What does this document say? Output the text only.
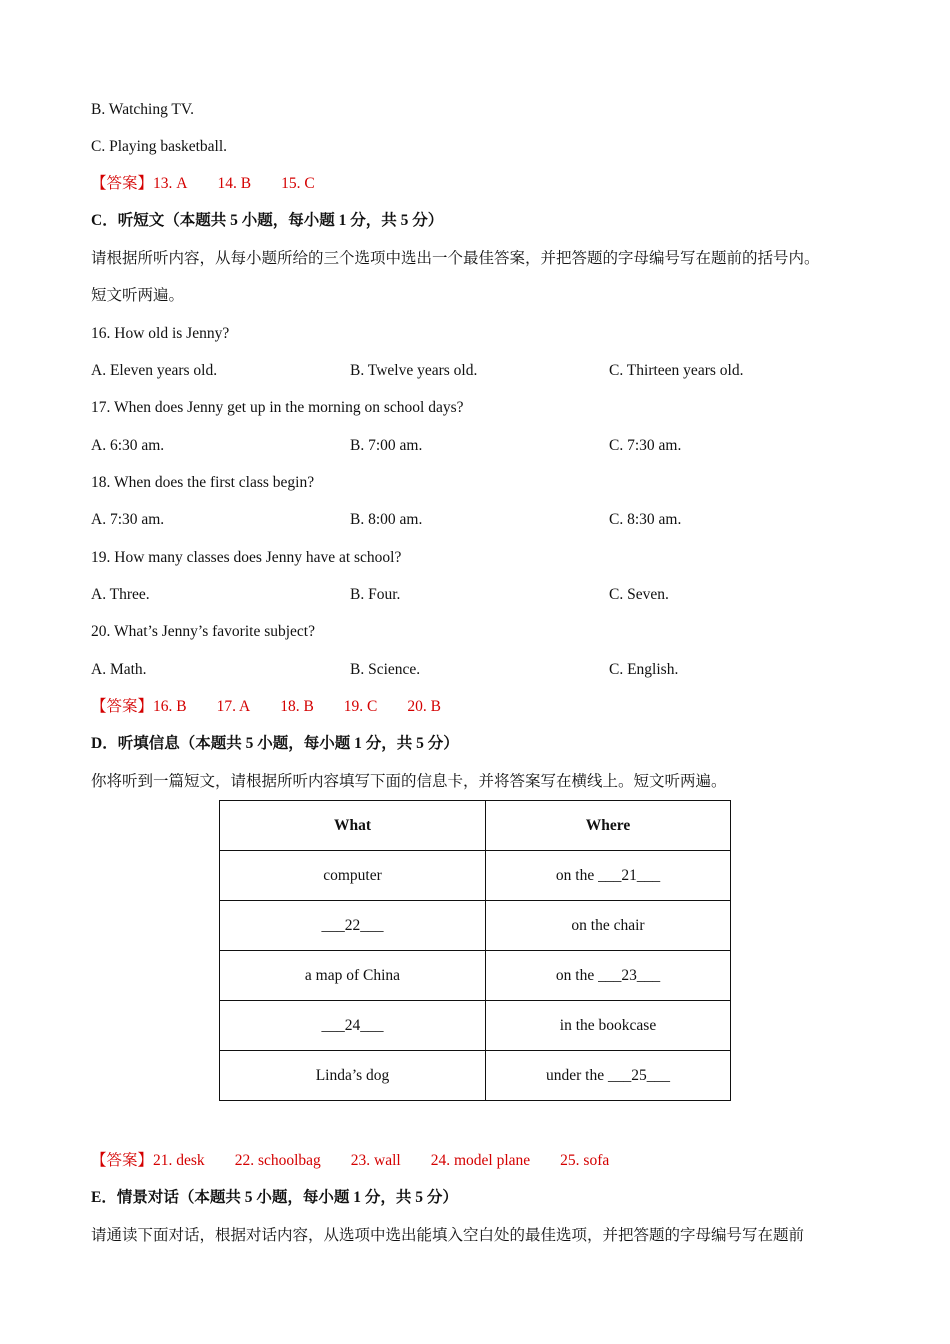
B. Watching TV.
C. Playing basketball.
【答案】13. A 14. B 15. C
C．听短文（本题共 5 小题，每小题 1 分，共 5 分）
请根据所听内容，从每小题所给的三个选项中选出一个最佳答案，并把答题的字母编号写在题前的括号内。
短文听两遍。
16. How old is Jenny?
A. Eleven years old.	B. Twelve years old.	C. Thirteen years old.
17. When does Jenny get up in the morning on school days?
A. 6:30 am.	B. 7:00 am.	C. 7:30 am.
18. When does the first class begin?
A. 7:30 am.	B. 8:00 am.	C. 8:30 am.
19. How many classes does Jenny have at school?
A. Three.	B. Four.	C. Seven.
20. What’s Jenny’s favorite subject?
A. Math.	B. Science.	C. English.
【答案】16. B 17. A 18. B 19. C 20. B
D．听填信息（本题共 5 小题，每小题 1 分，共 5 分）
你将听到一篇短文，请根据所听内容填写下面的信息卡，并将答案写在横线上。短文听两遍。
What	Where
computer	on the ___21___
___22___	on the chair
a map of China	on the ___23___
___24___	in the bookcase
Linda’s dog	under the ___25___
【答案】21. desk 22. schoolbag 23. wall 24. model plane 25. sofa
E．情景对话（本题共 5 小题，每小题 1 分，共 5 分）
请通读下面对话，根据对话内容，从选项中选出能填入空白处的最佳选项，并把答题的字母编号写在题前
